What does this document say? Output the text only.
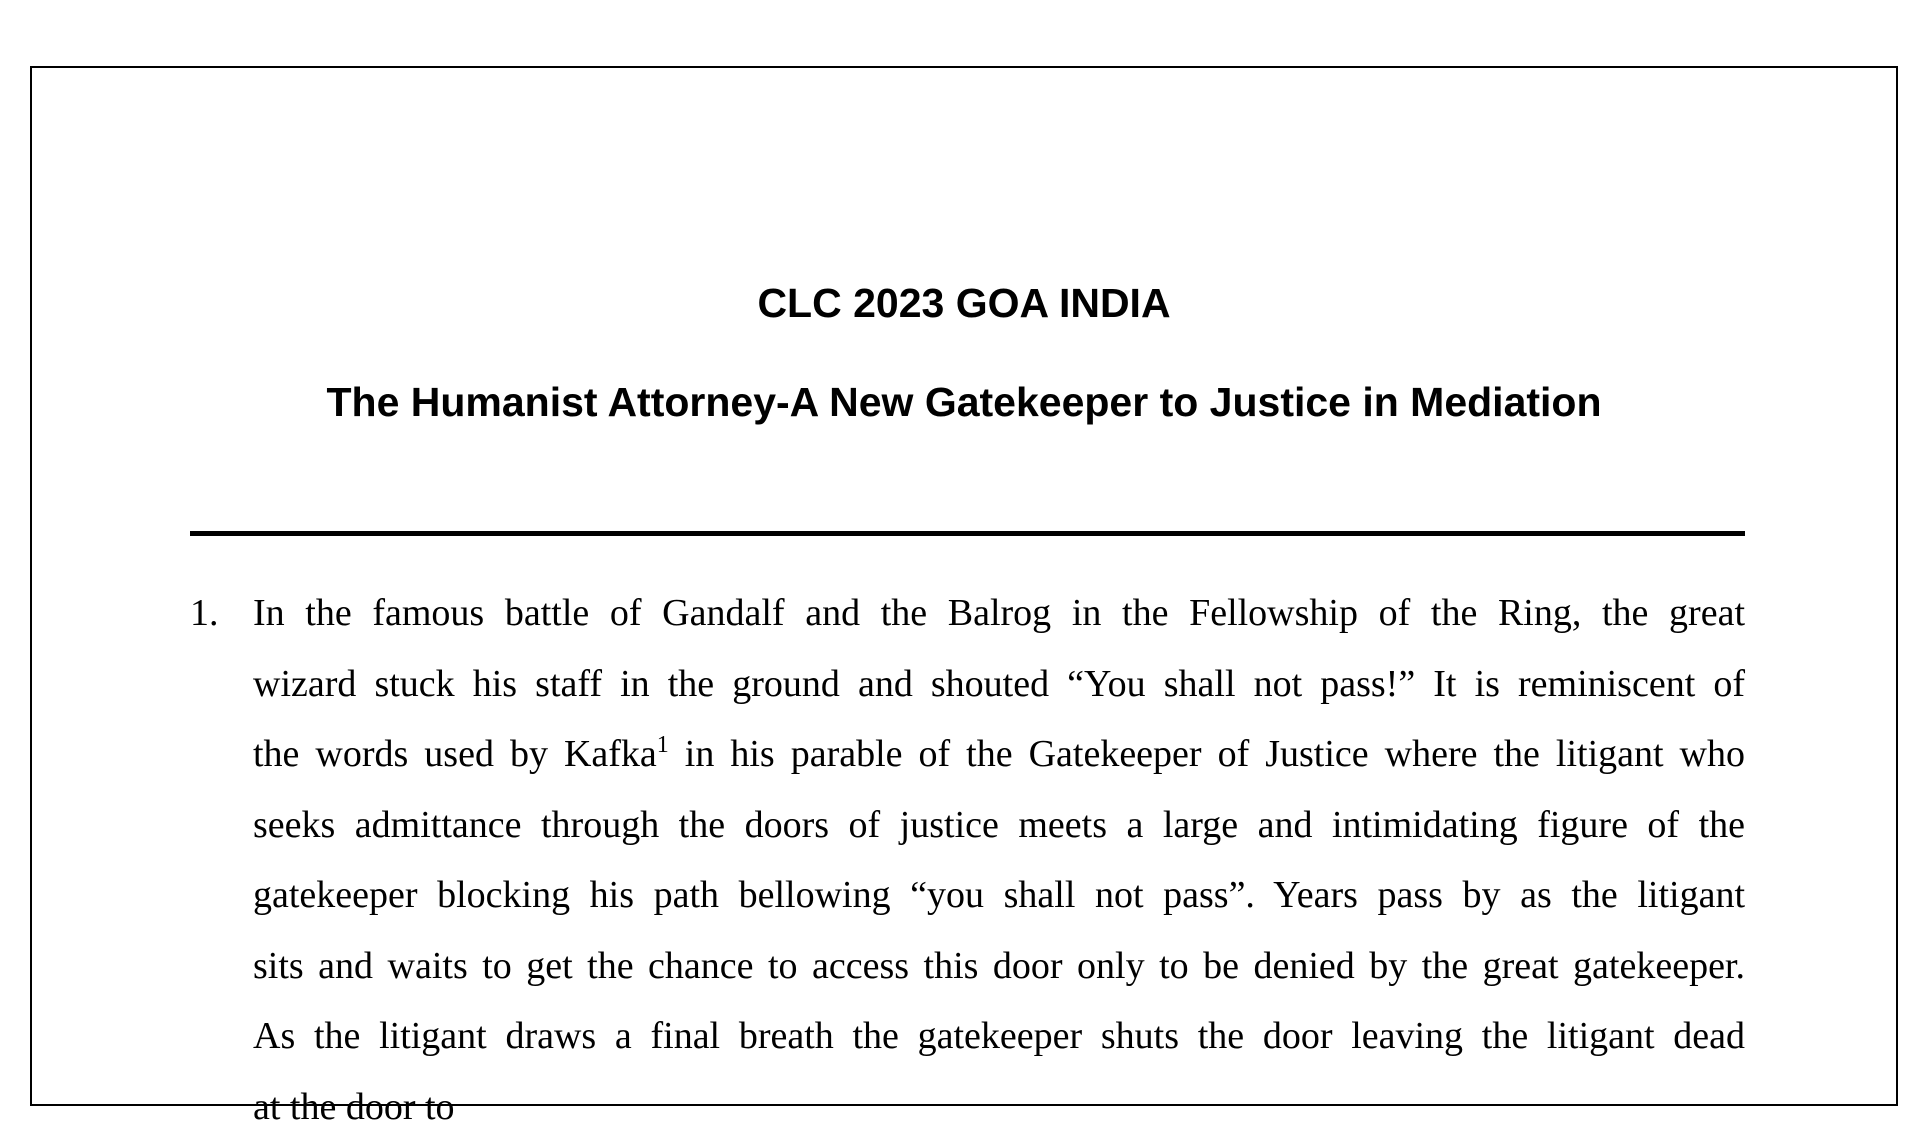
CLC 2023 GOA INDIA
The Humanist Attorney-A New Gatekeeper to Justice in Mediation
1. In the famous battle of Gandalf and the Balrog in the Fellowship of the Ring, the great
wizard stuck his staff in the ground and shouted “You shall not pass!” It is reminiscent of
the words used by Kafka$^1$ in his parable of the Gatekeeper of Justice where the litigant who
seeks admittance through the doors of justice meets a large and intimidating figure of the
gatekeeper blocking his path bellowing “you shall not pass”. Years pass by as the litigant
sits and waits to get the chance to access this door only to be denied by the great gatekeeper.
As the litigant draws a final breath the gatekeeper shuts the door leaving the litigant dead
at the door to
